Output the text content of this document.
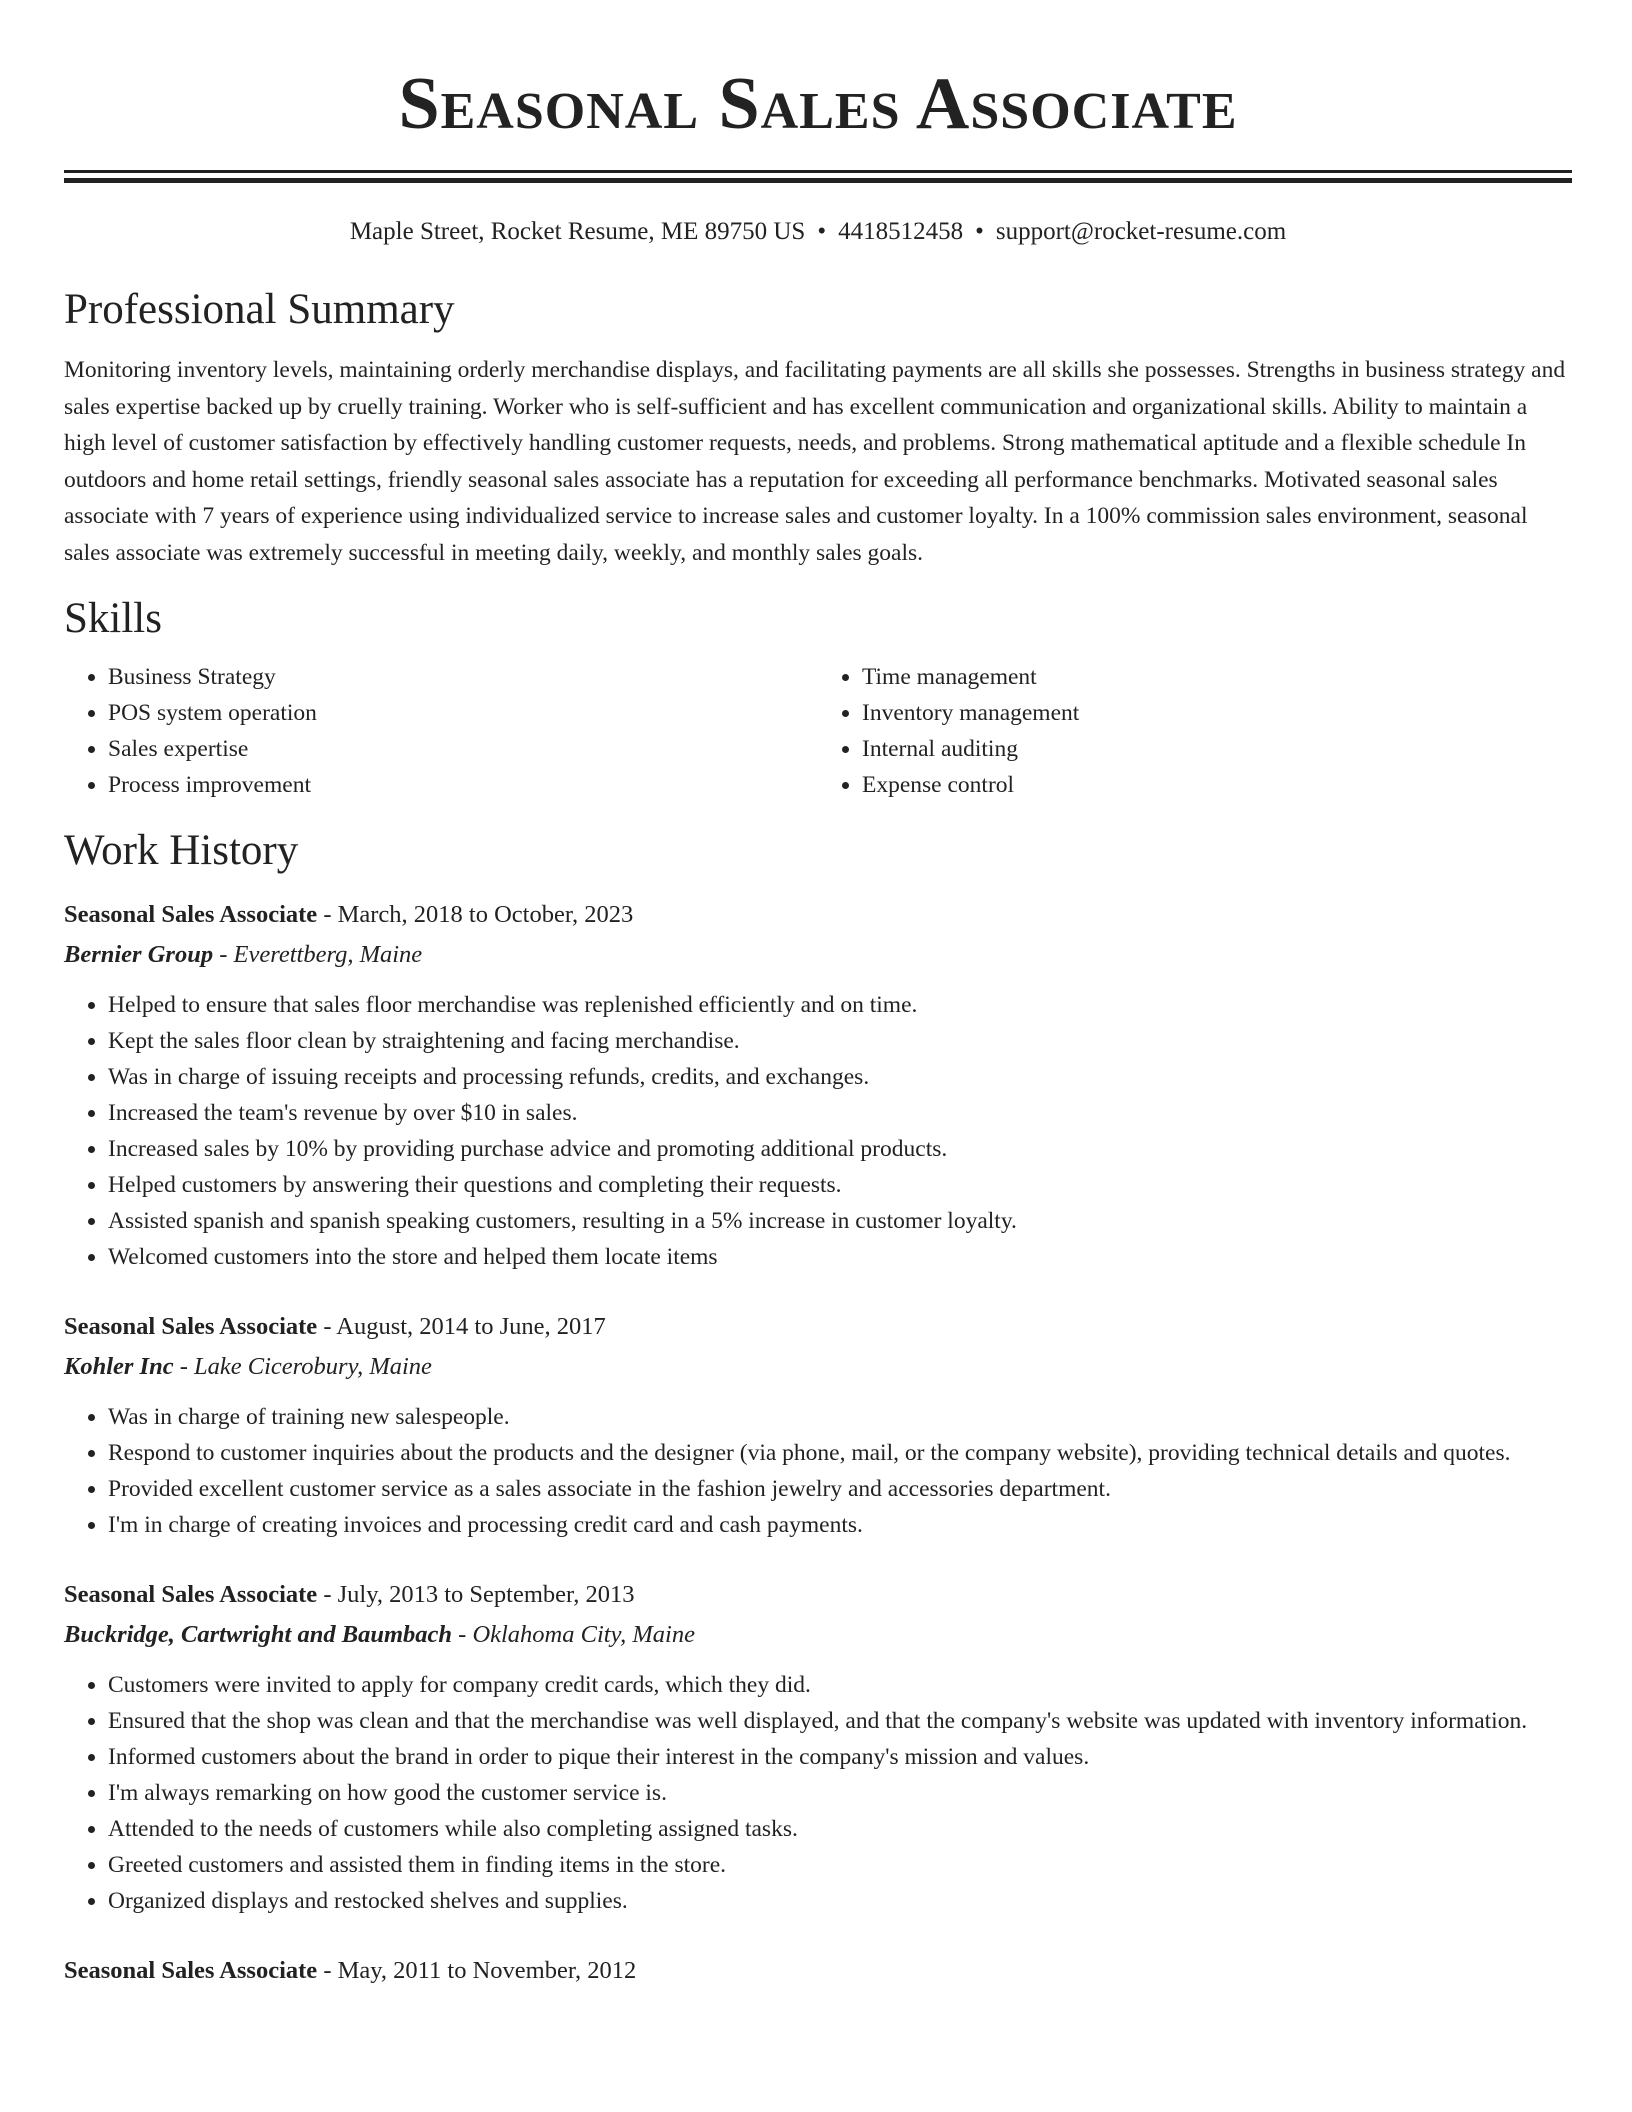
Seasonal Sales Associate
Maple Street, Rocket Resume, ME 89750 US • 4418512458 • support@rocket-resume.com
Professional Summary
Monitoring inventory levels, maintaining orderly merchandise displays, and facilitating payments are all skills she possesses. Strengths in business strategy and sales expertise backed up by cruelly training. Worker who is self-sufficient and has excellent communication and organizational skills. Ability to maintain a high level of customer satisfaction by effectively handling customer requests, needs, and problems. Strong mathematical aptitude and a flexible schedule In outdoors and home retail settings, friendly seasonal sales associate has a reputation for exceeding all performance benchmarks. Motivated seasonal sales associate with 7 years of experience using individualized service to increase sales and customer loyalty. In a 100% commission sales environment, seasonal sales associate was extremely successful in meeting daily, weekly, and monthly sales goals.
Skills
• Business Strategy
• POS system operation
• Sales expertise
• Process improvement
• Time management
• Inventory management
• Internal auditing
• Expense control
Work History
Seasonal Sales Associate - March, 2018 to October, 2023
Bernier Group - Everettberg, Maine
• Helped to ensure that sales floor merchandise was replenished efficiently and on time.
• Kept the sales floor clean by straightening and facing merchandise.
• Was in charge of issuing receipts and processing refunds, credits, and exchanges.
• Increased the team's revenue by over $10 in sales.
• Increased sales by 10% by providing purchase advice and promoting additional products.
• Helped customers by answering their questions and completing their requests.
• Assisted spanish and spanish speaking customers, resulting in a 5% increase in customer loyalty.
• Welcomed customers into the store and helped them locate items
Seasonal Sales Associate - August, 2014 to June, 2017
Kohler Inc - Lake Cicerobury, Maine
• Was in charge of training new salespeople.
• Respond to customer inquiries about the products and the designer (via phone, mail, or the company website), providing technical details and quotes.
• Provided excellent customer service as a sales associate in the fashion jewelry and accessories department.
• I'm in charge of creating invoices and processing credit card and cash payments.
Seasonal Sales Associate - July, 2013 to September, 2013
Buckridge, Cartwright and Baumbach - Oklahoma City, Maine
• Customers were invited to apply for company credit cards, which they did.
• Ensured that the shop was clean and that the merchandise was well displayed, and that the company's website was updated with inventory information.
• Informed customers about the brand in order to pique their interest in the company's mission and values.
• I'm always remarking on how good the customer service is.
• Attended to the needs of customers while also completing assigned tasks.
• Greeted customers and assisted them in finding items in the store.
• Organized displays and restocked shelves and supplies.
Seasonal Sales Associate - May, 2011 to November, 2012
